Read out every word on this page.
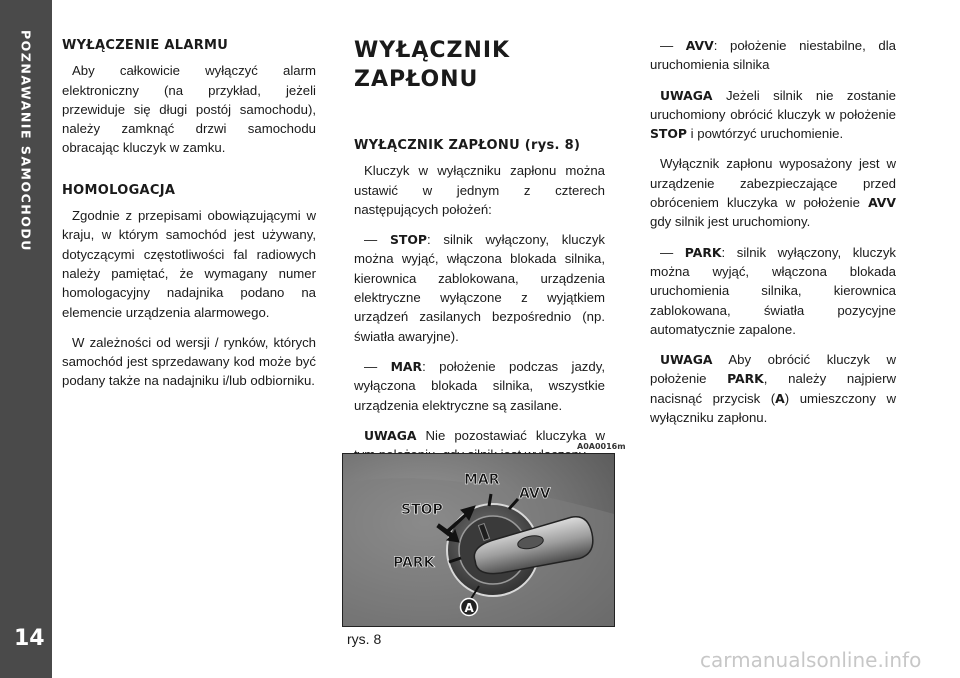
POZNAWANIE SAMOCHODU
14
WYŁĄCZENIE ALARMU

Aby całkowicie wyłączyć alarm elektroniczny (na przykład, jeżeli przewiduje się długi postój samochodu), należy zamknąć drzwi samochodu obracając kluczyk w zamku.

HOMOLOGACJA

Zgodnie z przepisami obowiązującymi w kraju, w którym samochód jest używany, dotyczącymi częstotliwości fal radiowych należy pamiętać, że wymagany numer homologacyjny nadajnika podano na elemencie urządzenia alarmowego.

W zależności od wersji / rynków, których samochód jest sprzedawany kod może być podany także na nadajniku i/lub odbiorniku.

WYŁĄCZNIK
ZAPŁONU
WYŁĄCZNIK ZAPŁONU (rys. 8)

Kluczyk w wyłączniku zapłonu można ustawić w jednym z czterech następujących położeń:

— STOP: silnik wyłączony, kluczyk można wyjąć, włączona blokada silnika, kierownica zablokowana, urządzenia elektryczne wyłączone z wyjątkiem urządzeń zasilanych bezpośrednio (np. światła awaryjne).

— MAR: położenie podczas jazdy, wyłączona blokada silnika, wszystkie urządzenia elektryczne są zasilane.

UWAGA Nie pozostawiać kluczyka w

— AVV: położenie niestabilne, dla uruchomienia silnika

UWAGA Jeżeli silnik nie zostanie uruchomiony obrócić kluczyk w położenie STOP i powtórzyć uruchomienie.

Wyłącznik zapłonu wyposażony jest w urządzenie zabezpieczające przed obróceniem kluczyka w położenie AVV gdy silnik jest uruchomiony.

— PARK: silnik wyłączony, kluczyk można wyjąć, włączona blokada uruchomienia silnika, kierownica zablokowana, światła pozycyjne automatycznie zapalone.

UWAGA Aby obrócić kluczyk w położenie PARK, należy najpierw nacisnąć przycisk (A) umieszczony w wyłączniku zapłonu.

A0A0016m
MAR
AVV
STOP
PARK
A
rys. 8
carmanualsonline.info
